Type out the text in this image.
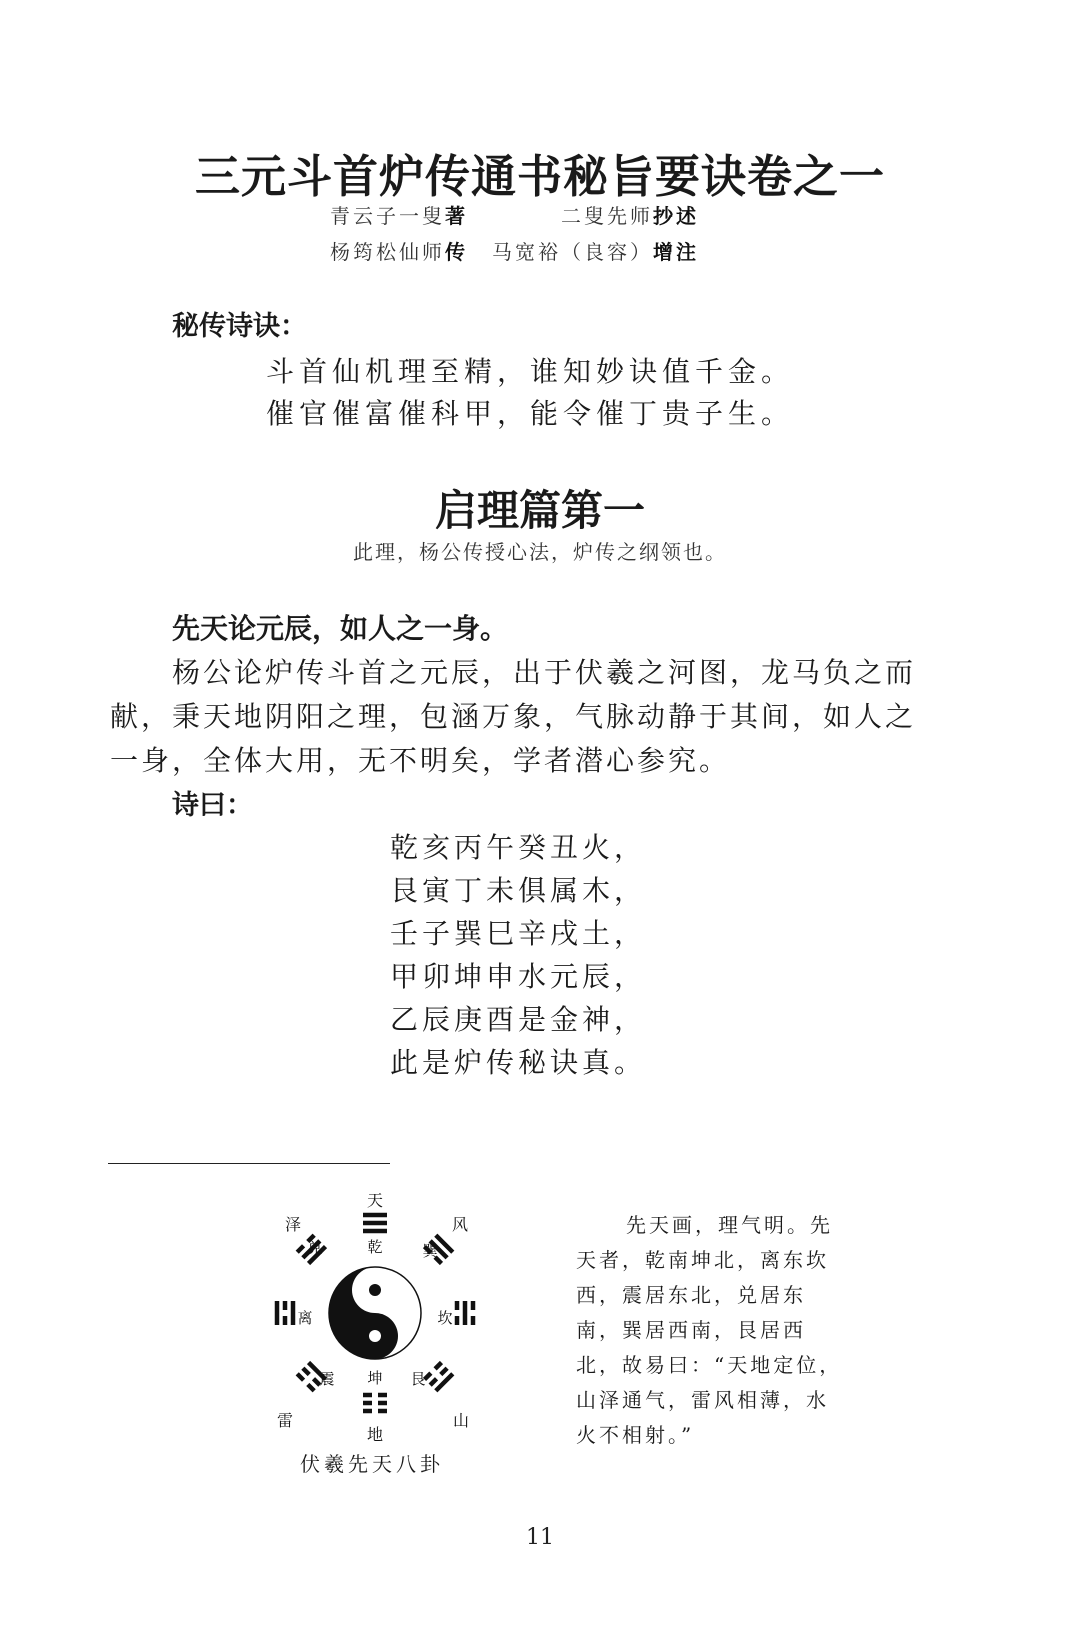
三元斗首炉传通书秘旨要诀卷之一
青云子一叟著	二叟先师抄述
杨筠松仙师传 马宽裕（良容）增注
秘传诗诀：
斗首仙机理至精，谁知妙诀值千金。
催官催富催科甲，能令催丁贵子生。
启理篇第一
此理，杨公传授心法，炉传之纲领也。
先天论元辰，如人之一身。
杨公论炉传斗首之元辰，出于伏羲之河图，龙马负之而
献，秉天地阴阳之理，包涵万象，气脉动静于其间，如人之
一身，全体大用，无不明矣，学者潜心参究。
诗曰：
乾亥丙午癸丑火，
艮寅丁未俱属木，
壬子巽巳辛戌土，
甲卯坤申水元辰，
乙辰庚酉是金神，
此是炉传秘诀真。
天
乾
泽
兑
风
巽
离	坎
震	艮
坤
雷	山
地
伏羲先天八卦
先天画，理气明。先天者，乾南坤北，离东坎西，震居东北，兑居东南，巽居西南，艮居西北，故易曰：“天地定位，山泽通气，雷风相薄，水火不相射。”
11
